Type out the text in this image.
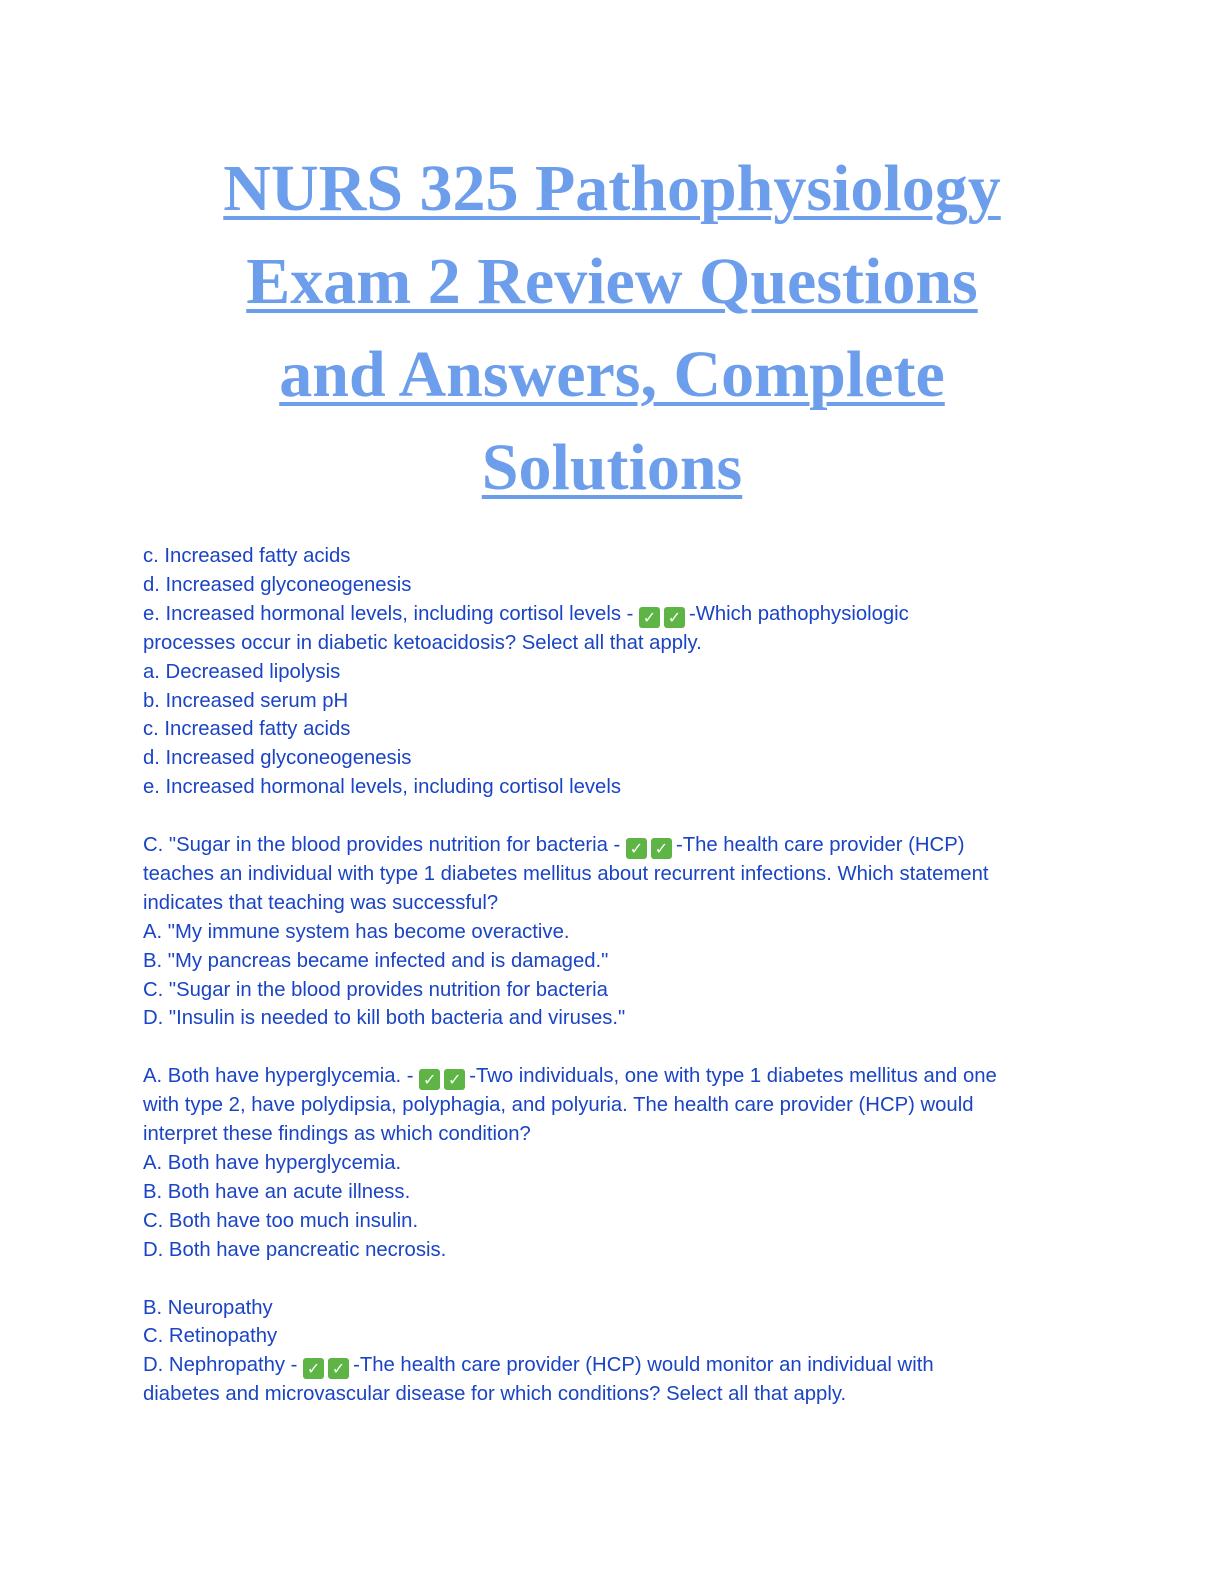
NURS 325 Pathophysiology
Exam 2 Review Questions
and Answers, Complete
Solutions
c. Increased fatty acids
d. Increased glyconeogenesis
e. Increased hormonal levels, including cortisol levels - ✓ ✓ -Which pathophysiologic
processes occur in diabetic ketoacidosis? Select all that apply.
a. Decreased lipolysis
b. Increased serum pH
c. Increased fatty acids
d. Increased glyconeogenesis
e. Increased hormonal levels, including cortisol levels
C. "Sugar in the blood provides nutrition for bacteria - ✓ ✓ -The health care provider (HCP)
teaches an individual with type 1 diabetes mellitus about recurrent infections. Which statement
indicates that teaching was successful?
A. "My immune system has become overactive.
B. "My pancreas became infected and is damaged."
C. "Sugar in the blood provides nutrition for bacteria
D. "Insulin is needed to kill both bacteria and viruses."
A. Both have hyperglycemia. - ✓ ✓ -Two individuals, one with type 1 diabetes mellitus and one
with type 2, have polydipsia, polyphagia, and polyuria. The health care provider (HCP) would
interpret these findings as which condition?
A. Both have hyperglycemia.
B. Both have an acute illness.
C. Both have too much insulin.
D. Both have pancreatic necrosis.
B. Neuropathy
C. Retinopathy
D. Nephropathy - ✓ ✓ -The health care provider (HCP) would monitor an individual with
diabetes and microvascular disease for which conditions? Select all that apply.
